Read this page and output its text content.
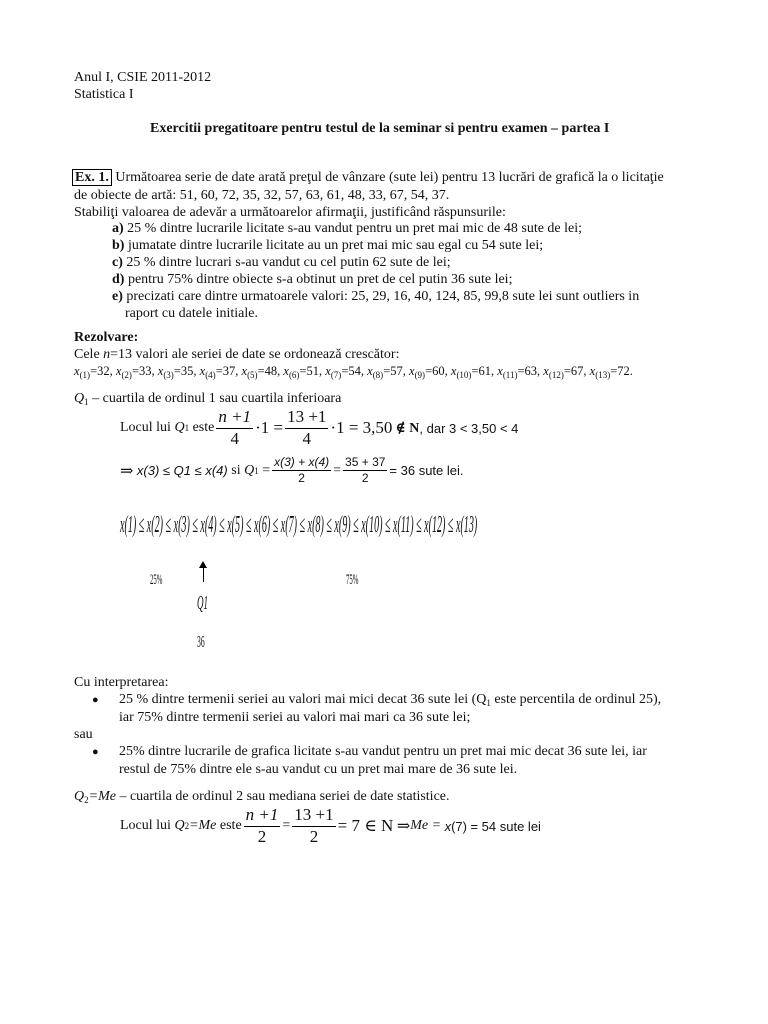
Anul I, CSIE 2011-2012
Statistica I
Exercitii pregatitoare pentru testul de la seminar si pentru examen – partea I
Ex. 1. Următoarea serie de date arată preţul de vânzare (sute lei) pentru 13 lucrări de grafică la o licitaţie
de obiecte de artă: 51, 60, 72, 35, 32, 57, 63, 61, 48, 33, 67, 54, 37.
Stabiliţi valoarea de adevăr a următoarelor afirmaţii, justificând răspunsurile:
a) 25 % dintre lucrarile licitate s-au vandut pentru un pret mai mic de 48 sute de lei;
b) jumatate dintre lucrarile licitate au un pret mai mic sau egal cu 54 sute lei;
c) 25 % dintre lucrari s-au vandut cu cel putin 62 sute de lei;
d) pentru 75% dintre obiecte s-a obtinut un pret de cel putin 36 sute lei;
e) precizati care dintre urmatoarele valori: 25, 29, 16, 40, 124, 85, 99,8 sute lei sunt outliers in
raport cu datele initiale.
Rezolvare:
Cele n=13 valori ale seriei de date se ordonează crescător:
$x_{(1)}=32$, $x_{(2)}=33$, $x_{(3)}=35$, $x_{(4)}=37$, $x_{(5)}=48$, $x_{(6)}=51$, $x_{(7)}=54$, $x_{(8)}=57$, $x_{(9)}=60$, $x_{(10)}=61$, $x_{(11)}=63$, $x_{(12)}=67$, $x_{(13)}=72$.
$Q_1$ – cuartila de ordinul 1 sau cuartila inferioara
Locul lui
Q 1
este $\frac{n +1}{4} \cdot 1 = \frac{13 +1}{4} \cdot 1 = 3,50$ ∉ N , dar 3 < 3,50 < 4
⇒
x(3) ≤ Q1 ≤ x(4)
si
Q $1 = \frac{x(3) + x(4)}{2} = \frac{35 + 37}{2} = 36$ sute lei.
x(1) ≤ x(2) ≤ x(3) ≤ x(4) ≤ x(5) ≤ x(6) ≤ x(7) ≤ x(8) ≤ x(9) ≤ x(10) ≤ x(11) ≤ x(12) ≤ x(13)
25%	75%
Q1
36
Cu interpretarea:
● 25 % dintre termenii seriei au valori mai mici decat 36 sute lei ($Q_1$ este percentila de ordinul 25),
iar 75% dintre termenii seriei au valori mai mari ca 36 sute lei;
sau
● 25% dintre lucrarile de grafica licitate s-au vandut pentru un pret mai mic decat 36 sute lei, iar
restul de 75% dintre ele s-au vandut cu un pret mai mare de 36 sute lei.
$Q_2=Me$ – cuartila de ordinul 2 sau mediana seriei de date statistice.
Locul lui
Q 2 =Me
este $\frac{n +1}{2} = \frac{13 +1}{2} = 7$ ∈ N
⇒ Me =
x (7)
= 54 sute lei
